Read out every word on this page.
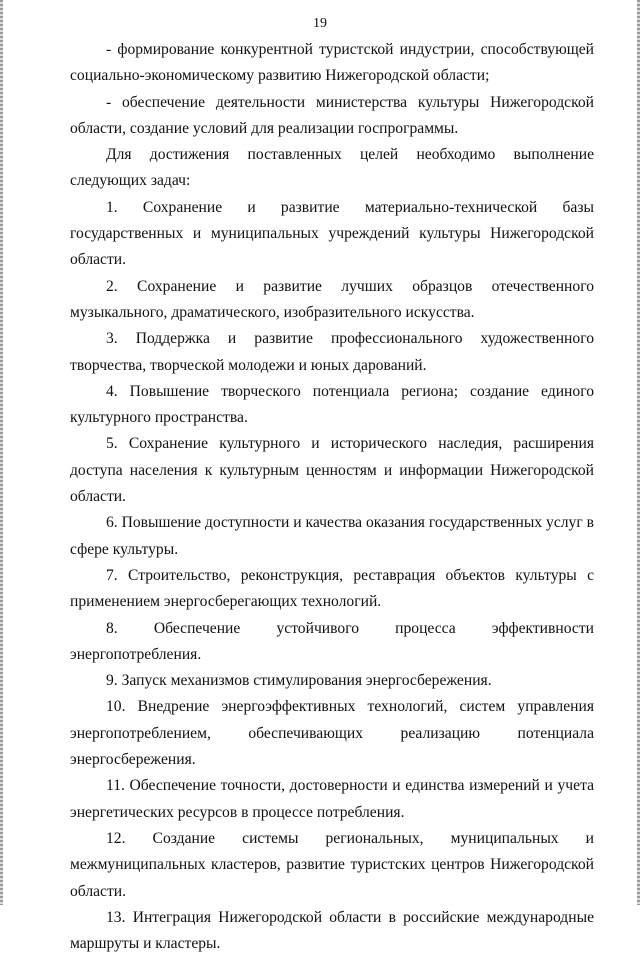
19

- формирование конкурентной туристской индустрии, способствующей социально-экономическому развитию Нижегородской области;

- обеспечение деятельности министерства культуры Нижегородской области, создание условий для реализации госпрограммы.

Для достижения поставленных целей необходимо выполнение следующих задач:

1. Сохранение и развитие материально-технической базы государственных и муниципальных учреждений культуры Нижегородской области.

2. Сохранение и развитие лучших образцов отечественного музыкального, драматического, изобразительного искусства.

3. Поддержка и развитие профессионального художественного творчества, творческой молодежи и юных дарований.

4. Повышение творческого потенциала региона; создание единого культурного пространства.

5. Сохранение культурного и исторического наследия, расширения доступа населения к культурным ценностям и информации Нижегородской области.

6. Повышение доступности и качества оказания государственных услуг в сфере культуры.

7. Строительство, реконструкция, реставрация объектов культуры с применением энергосберегающих технологий.

8. Обеспечение устойчивого процесса эффективности энергопотребления.

9. Запуск механизмов стимулирования энергосбережения.

10. Внедрение энергоэффективных технологий, систем управления энергопотреблением, обеспечивающих реализацию потенциала энергосбережения.

11. Обеспечение точности, достоверности и единства измерений и учета энергетических ресурсов в процессе потребления.

12. Создание системы региональных, муниципальных и межмуниципальных кластеров, развитие туристских центров Нижегородской области.

13. Интеграция Нижегородской области в российские международные маршруты и кластеры.
